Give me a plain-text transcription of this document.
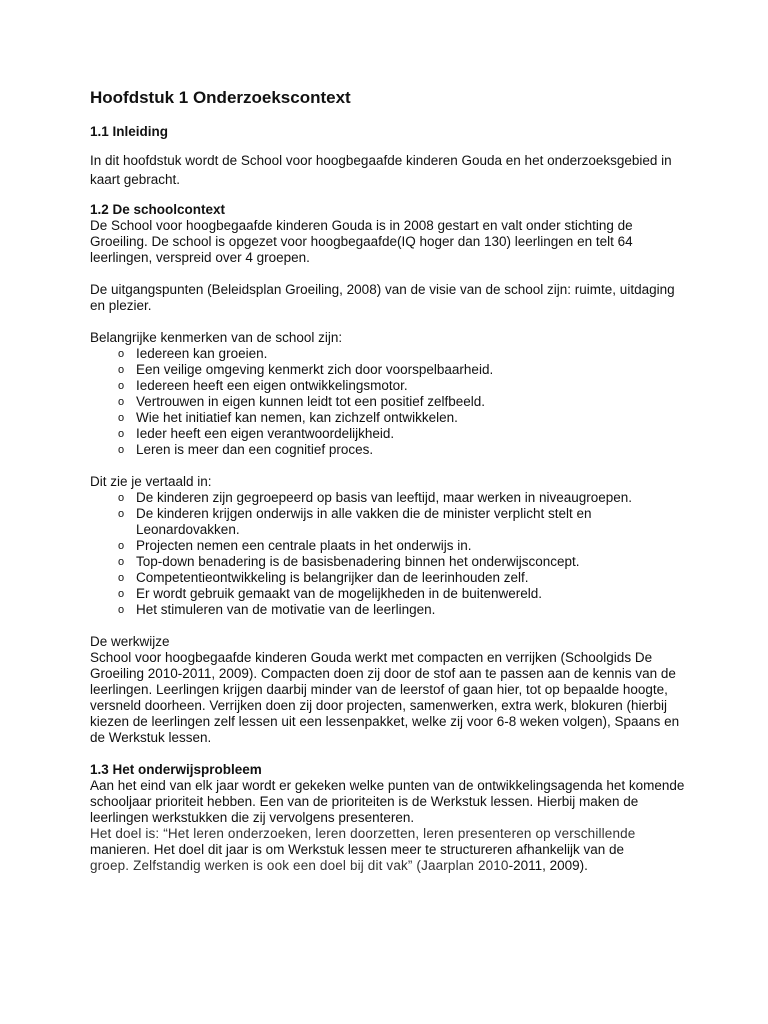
Hoofdstuk 1 Onderzoekscontext
1.1 Inleiding

In dit hoofdstuk wordt de School voor hoogbegaafde kinderen Gouda en het onderzoeksgebied in kaart gebracht.

1.2 De schoolcontext

De School voor hoogbegaafde kinderen Gouda is in 2008 gestart en valt onder stichting de Groeiling. De school is opgezet voor hoogbegaafde(IQ hoger dan 130) leerlingen en telt 64 leerlingen, verspreid over 4 groepen.

De uitgangspunten (Beleidsplan Groeiling, 2008) van de visie van de school zijn: ruimte, uitdaging en plezier.

Belangrijke kenmerken van de school zijn:

o Iedereen kan groeien.
o Een veilige omgeving kenmerkt zich door voorspelbaarheid.
o Iedereen heeft een eigen ontwikkelingsmotor.
o Vertrouwen in eigen kunnen leidt tot een positief zelfbeeld.
o Wie het initiatief kan nemen, kan zichzelf ontwikkelen.
o Ieder heeft een eigen verantwoordelijkheid.
o Leren is meer dan een cognitief proces.

Dit zie je vertaald in:

o De kinderen zijn gegroepeerd op basis van leeftijd, maar werken in niveaugroepen.
o De kinderen krijgen onderwijs in alle vakken die de minister verplicht stelt en Leonardovakken.
o Projecten nemen een centrale plaats in het onderwijs in.
o Top-down benadering is de basisbenadering binnen het onderwijsconcept.
o Competentieontwikkeling is belangrijker dan de leerinhouden zelf.
o Er wordt gebruik gemaakt van de mogelijkheden in de buitenwereld.
o Het stimuleren van de motivatie van de leerlingen.

De werkwijze

School voor hoogbegaafde kinderen Gouda werkt met compacten en verrijken (Schoolgids De Groeiling 2010-2011, 2009). Compacten doen zij door de stof aan te passen aan de kennis van de leerlingen. Leerlingen krijgen daarbij minder van de leerstof of gaan hier, tot op bepaalde hoogte, versneld doorheen. Verrijken doen zij door projecten, samenwerken, extra werk, blokuren (hierbij kiezen de leerlingen zelf lessen uit een lessenpakket, welke zij voor 6-8 weken volgen), Spaans en de Werkstuk lessen.

1.3 Het onderwijsprobleem

Aan het eind van elk jaar wordt er gekeken welke punten van de ontwikkelingsagenda het komende schooljaar prioriteit hebben. Een van de prioriteiten is de Werkstuk lessen. Hierbij maken de leerlingen werkstukken die zij vervolgens presenteren.

Het doel is: “Het leren onderzoeken, leren doorzetten, leren presenteren op verschillende

manieren. Het doel dit jaar is om Werkstuk lessen meer te structureren afhankelijk van de

groep. Zelfstandig werken is ook een doel bij dit vak” (Jaarplan 2010-2011, 2009).
